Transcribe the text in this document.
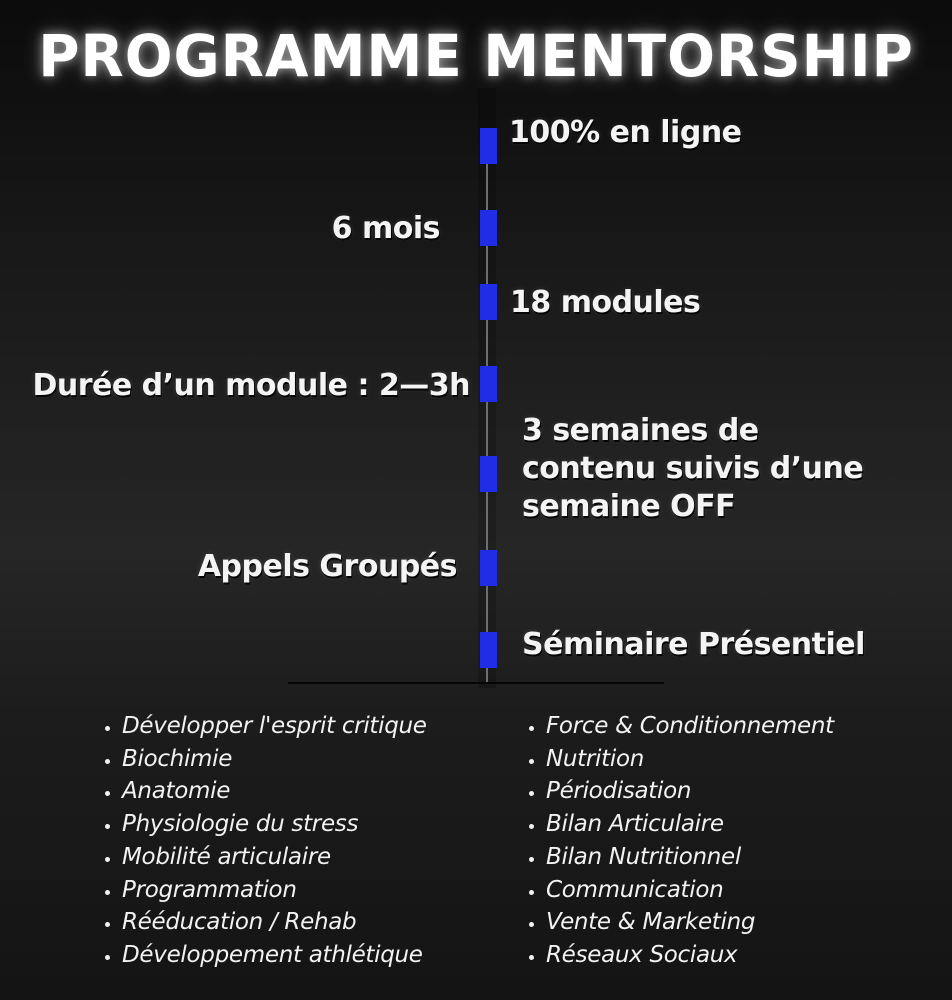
PROGRAMME MENTORSHIP
100% en ligne
6 mois
18 modules
Durée d’un module : 2—3h
3 semaines de contenu suivis d’une semaine OFF
Appels Groupés
Séminaire Présentiel
• Développer l'esprit critique
• Biochimie
• Anatomie
• Physiologie du stress
• Mobilité articulaire
• Programmation
• Rééducation / Rehab
• Développement athlétique
• Force & Conditionnement
• Nutrition
• Périodisation
• Bilan Articulaire
• Bilan Nutritionnel
• Communication
• Vente & Marketing
• Réseaux Sociaux
